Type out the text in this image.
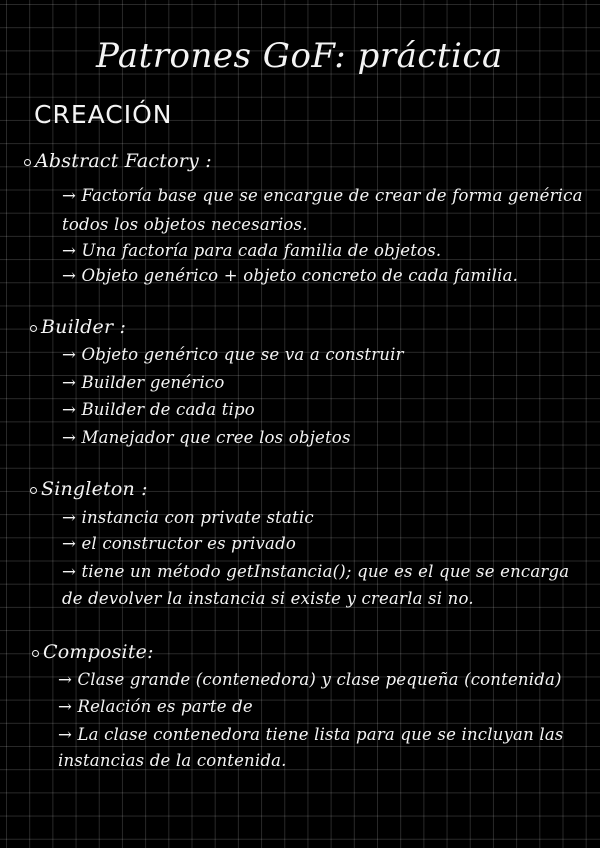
Patrones GoF: práctica
CREACIÓN
Abstract Factory :
→ Factoría base que se encargue de crear de forma genérica
todos los objetos necesarios.
→ Una factoría para cada familia de objetos.
→ Objeto genérico + objeto concreto de cada familia.
Builder :
→ Objeto genérico que se va a construir
→ Builder genérico
→ Builder de cada tipo
→ Manejador que cree los objetos
Singleton :
→ instancia con private static
→ el constructor es privado
→ tiene un método getInstancia(); que es el que se encarga
de devolver la instancia si existe y crearla si no.
Composite:
→ Clase grande (contenedora) y clase pequeña (contenida)
→ Relación es parte de
→ La clase contenedora tiene lista para que se incluyan las
instancias de la contenida.
